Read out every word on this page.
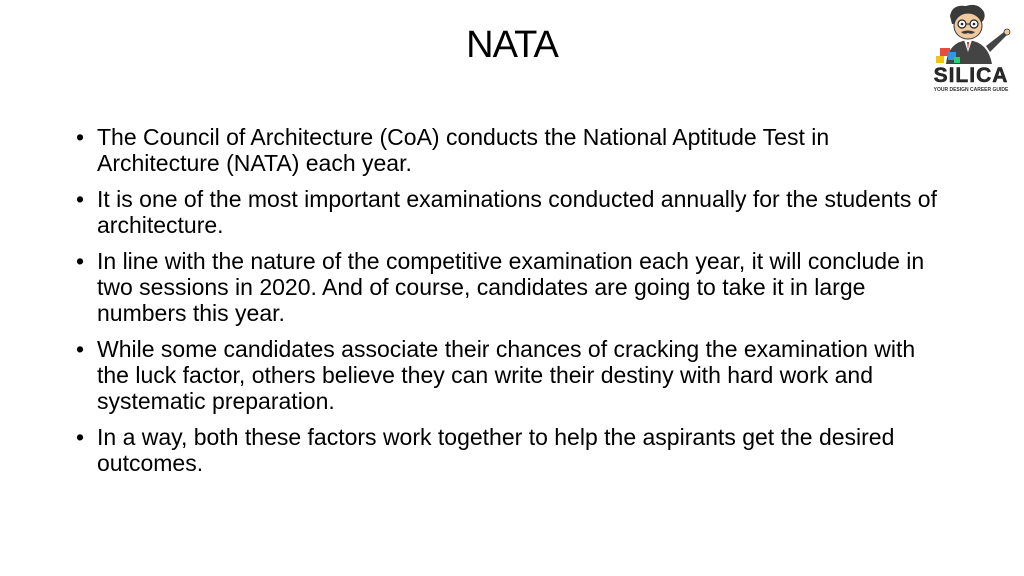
NATA
SILICA
YOUR DESIGN CAREER GUIDE
• The Council of Architecture (CoA) conducts the National Aptitude Test in Architecture (NATA) each year.
• It is one of the most important examinations conducted annually for the students of architecture.
• In line with the nature of the competitive examination each year, it will conclude in two sessions in 2020. And of course, candidates are going to take it in large numbers this year.
• While some candidates associate their chances of cracking the examination with the luck factor, others believe they can write their destiny with hard work and systematic preparation.
• In a way, both these factors work together to help the aspirants get the desired outcomes.
